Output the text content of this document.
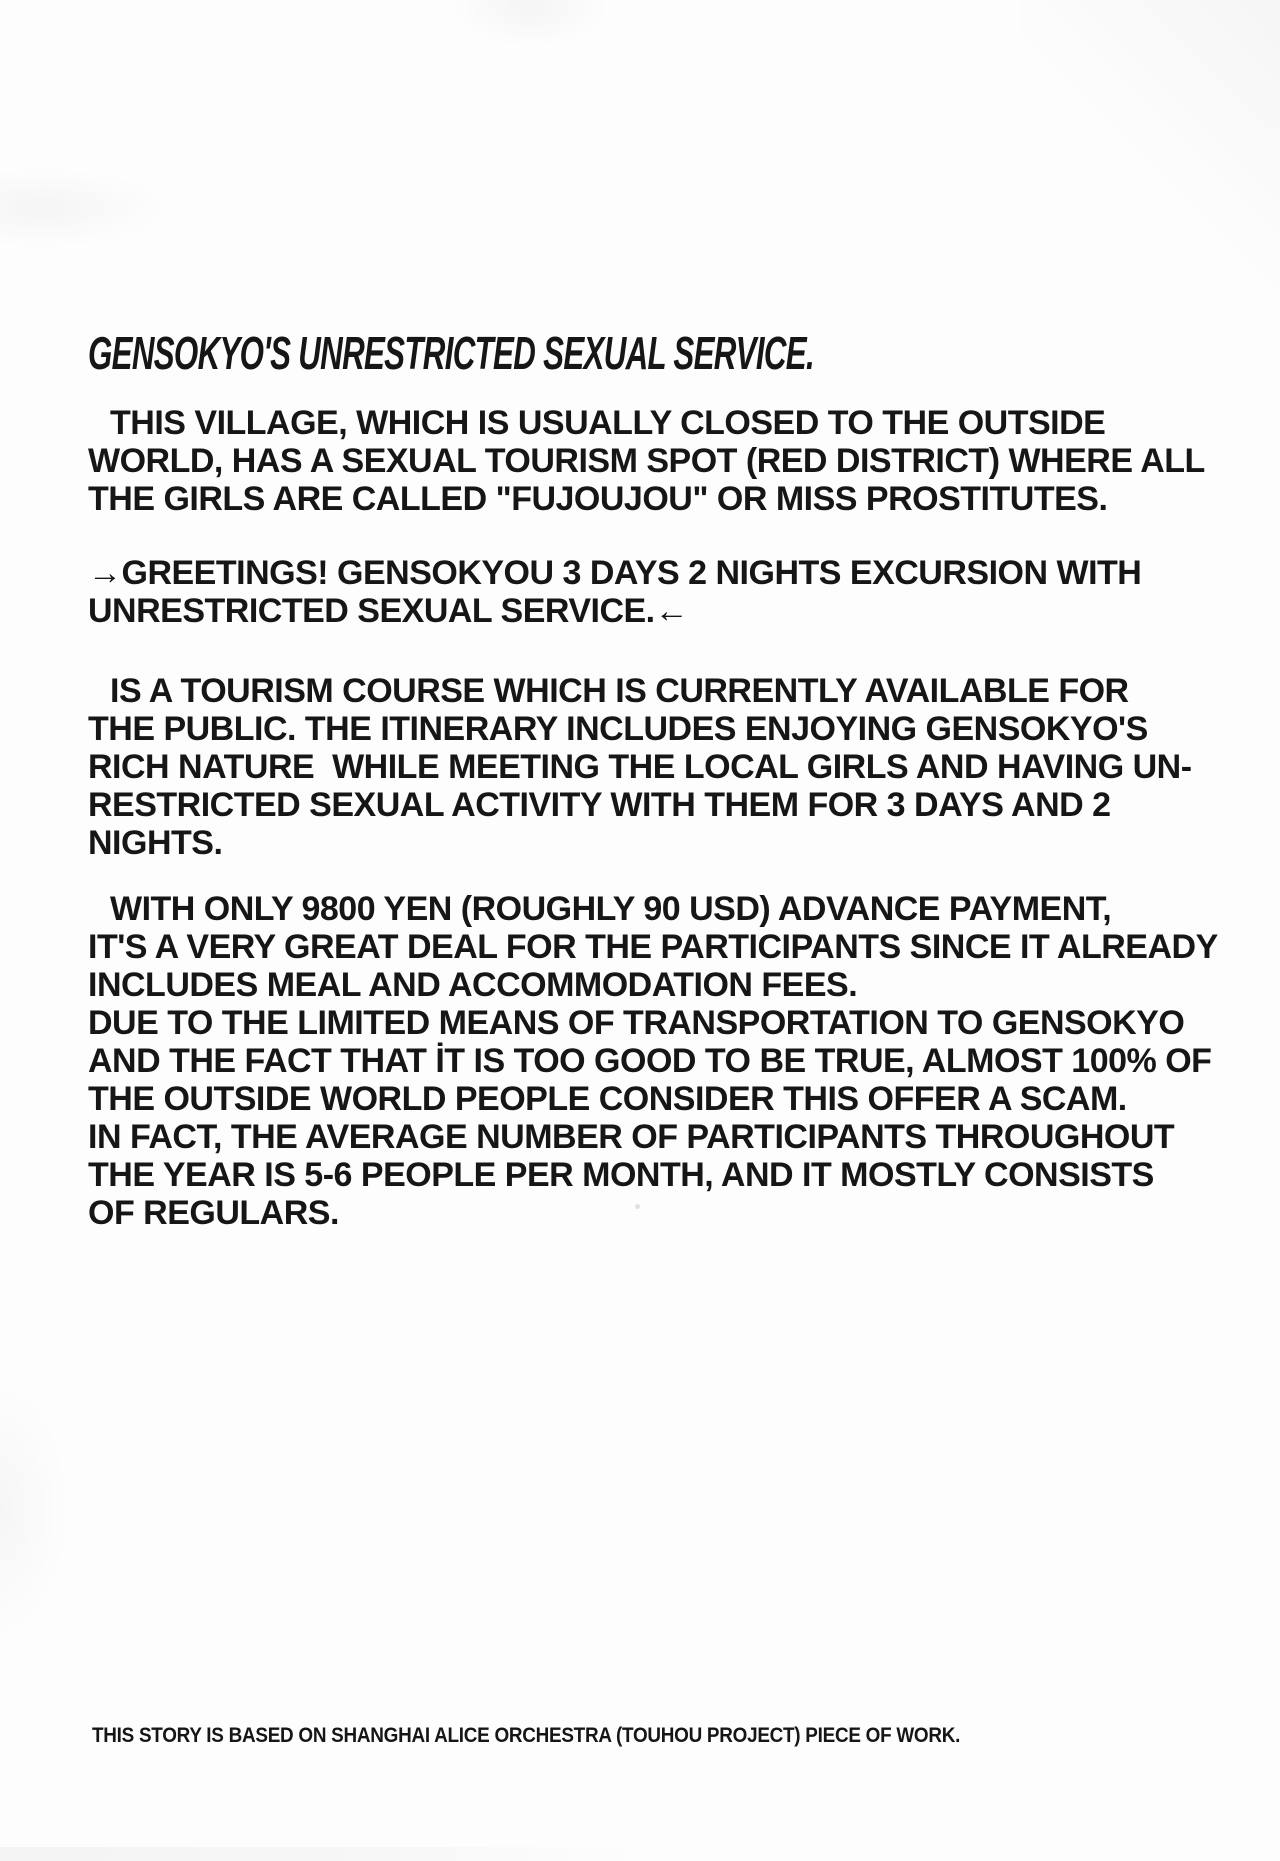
GENSOKYO'S UNRESTRICTED SEXUAL SERVICE.
THIS VILLAGE, WHICH IS USUALLY CLOSED TO THE OUTSIDE
WORLD, HAS A SEXUAL TOURISM SPOT (RED DISTRICT) WHERE ALL
THE GIRLS ARE CALLED "FUJOUJOU" OR MISS PROSTITUTES.
→GREETINGS! GENSOKYOU 3 DAYS 2 NIGHTS EXCURSION WITH
UNRESTRICTED SEXUAL SERVICE.←
IS A TOURISM COURSE WHICH IS CURRENTLY AVAILABLE FOR
THE PUBLIC. THE ITINERARY INCLUDES ENJOYING GENSOKYO'S
RICH NATURE  WHILE MEETING THE LOCAL GIRLS AND HAVING UN-
RESTRICTED SEXUAL ACTIVITY WITH THEM FOR 3 DAYS AND 2
NIGHTS.
WITH ONLY 9800 YEN (ROUGHLY 90 USD) ADVANCE PAYMENT,
IT'S A VERY GREAT DEAL FOR THE PARTICIPANTS SINCE IT ALREADY
INCLUDES MEAL AND ACCOMMODATION FEES.
DUE TO THE LIMITED MEANS OF TRANSPORTATION TO GENSOKYO
AND THE FACT THAT İT IS TOO GOOD TO BE TRUE, ALMOST 100% OF
THE OUTSIDE WORLD PEOPLE CONSIDER THIS OFFER A SCAM.
IN FACT, THE AVERAGE NUMBER OF PARTICIPANTS THROUGHOUT
THE YEAR IS 5-6 PEOPLE PER MONTH, AND IT MOSTLY CONSISTS
OF REGULARS.
THIS STORY IS BASED ON SHANGHAI ALICE ORCHESTRA (TOUHOU PROJECT) PIECE OF WORK.
